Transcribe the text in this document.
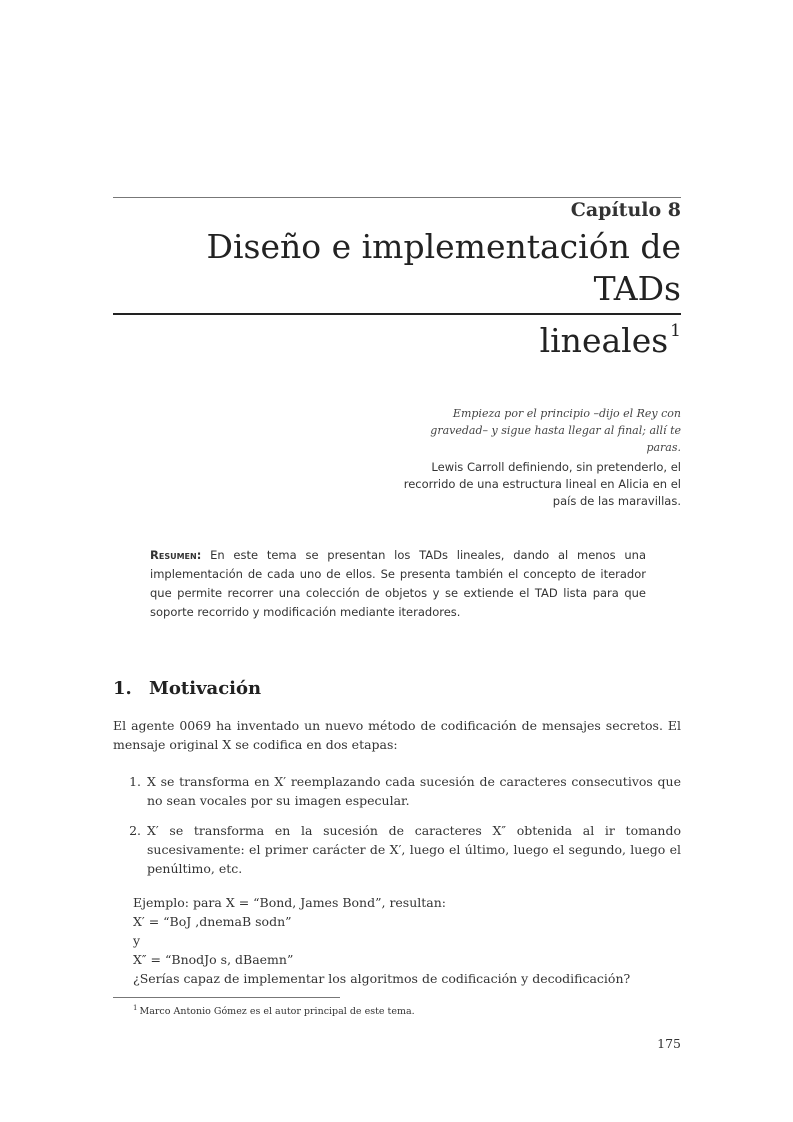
Capítulo 8
Diseño e implementación de TADs
lineales $^1$
Empieza por el principio –dijo el Rey con gravedad– y sigue hasta llegar al final; allí te paras.
Lewis Carroll definiendo, sin pretenderlo, el recorrido de una estructura lineal en Alicia en el país de las maravillas.
Resumen: En este tema se presentan los TADs lineales, dando al menos una implementación de cada uno de ellos. Se presenta también el concepto de iterador que permite recorrer una colección de objetos y se extiende el TAD lista para que soporte recorrido y modificación mediante iteradores.
1. Motivación
El agente 0069 ha inventado un nuevo método de codificación de mensajes secretos. El mensaje original X se codifica en dos etapas:
1. X se transforma en X′ reemplazando cada sucesión de caracteres consecutivos que no sean vocales por su imagen especular.
2. X′ se transforma en la sucesión de caracteres X″ obtenida al ir tomando sucesivamente: el primer carácter de X′, luego el último, luego el segundo, luego el penúltimo, etc.
Ejemplo: para X = “Bond, James Bond”, resultan:
X′ = “BoJ ,dnemaB sodn”
y
X″ = “BnodJo s, dBaemn”
¿Serías capaz de implementar los algoritmos de codificación y decodificación?
$^1$ Marco Antonio Gómez es el autor principal de este tema.
175
